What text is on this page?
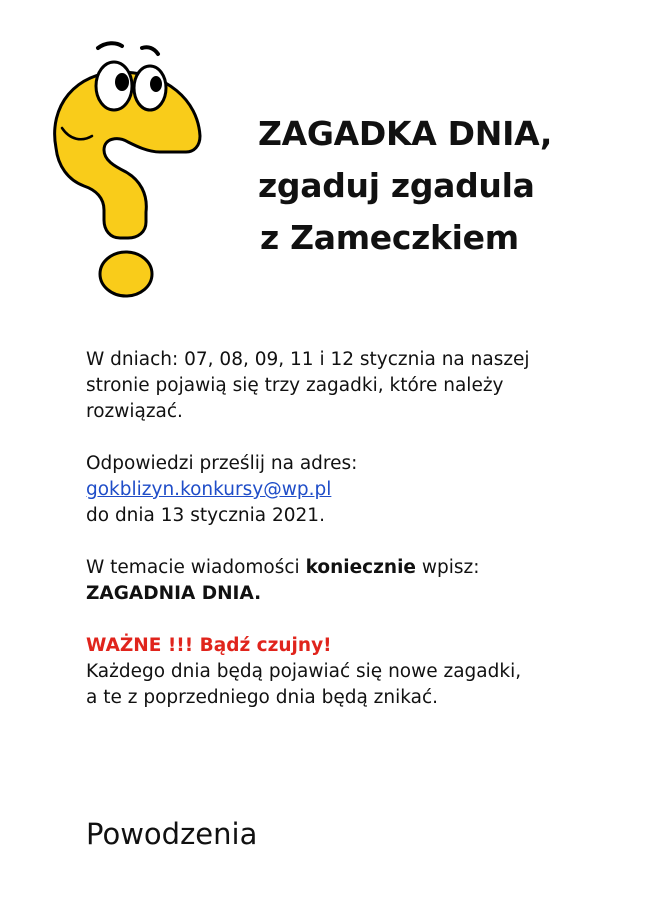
ZAGADKA DNIA,
zgaduj zgadula
z Zameczkiem

W dniach: 07, 08, 09, 11 i 12 stycznia na naszej
stronie pojawią się trzy zagadki, które należy
rozwiązać.

Odpowiedzi prześlij na adres:
gokblizyn.konkursy@wp.pl
do dnia 13 stycznia 2021.

W temacie wiadomości koniecznie wpisz:
ZAGADNIA DNIA.

WAŻNE !!! Bądź czujny!
Każdego dnia będą pojawiać się nowe zagadki,
a te z poprzedniego dnia będą znikać.

Powodzenia
